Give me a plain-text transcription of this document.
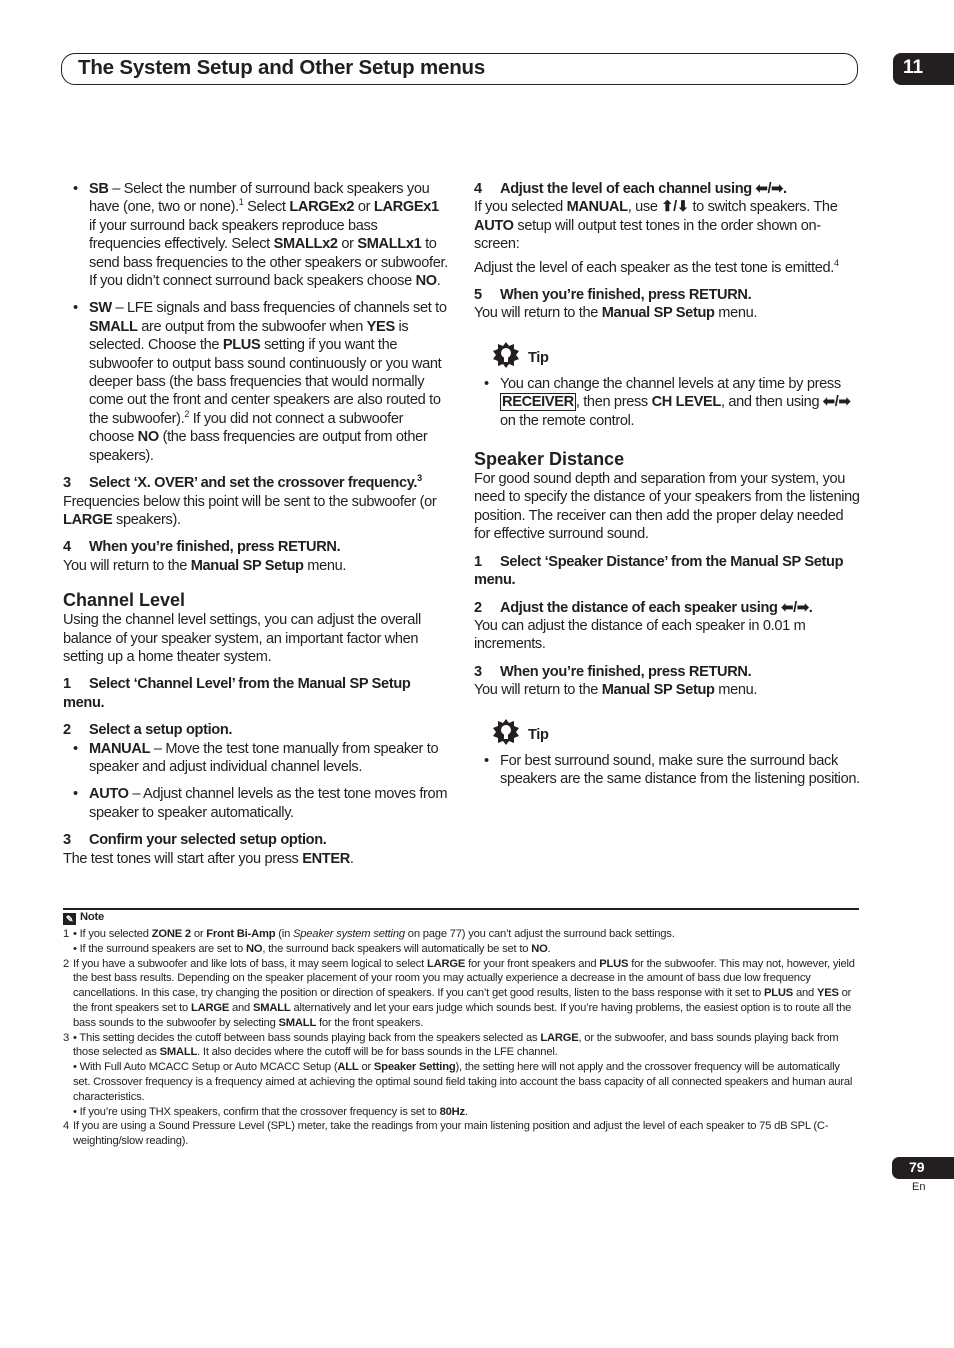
The System Setup and Other Setup menus	11
• SB – Select the number of surround back speakers you have (one, two or none).$^1$ Select LARGEx2 or LARGEx1 if your surround back speakers reproduce bass frequencies effectively. Select SMALLx2 or SMALLx1 to send bass frequencies to the other speakers or subwoofer. If you didn’t connect surround back speakers choose NO.
• SW – LFE signals and bass frequencies of channels set to SMALL are output from the subwoofer when YES is selected. Choose the PLUS setting if you want the subwoofer to output bass sound continuously or you want deeper bass (the bass frequencies that would normally come out the front and center speakers are also routed to the subwoofer).$^2$ If you did not connect a subwoofer choose NO (the bass frequencies are output from other speakers).
3 Select ‘X. OVER’ and set the crossover frequency.$^3$
Frequencies below this point will be sent to the subwoofer (or LARGE speakers).
4 When you’re finished, press RETURN.
You will return to the Manual SP Setup menu.
Channel Level
Using the channel level settings, you can adjust the overall balance of your speaker system, an important factor when setting up a home theater system.
1 Select ‘Channel Level’ from the Manual SP Setup menu.
2 Select a setup option.
• MANUAL – Move the test tone manually from speaker to speaker and adjust individual channel levels.
• AUTO – Adjust channel levels as the test tone moves from speaker to speaker automatically.
3 Confirm your selected setup option.
The test tones will start after you press ENTER.
4 Adjust the level of each channel using ⬅/➡.
If you selected MANUAL, use ⬆/⬇ to switch speakers. The AUTO setup will output test tones in the order shown on-screen:
Adjust the level of each speaker as the test tone is emitted.$^4$
5 When you’re finished, press RETURN.
You will return to the Manual SP Setup menu.
Tip
• You can change the channel levels at any time by press RECEIVER , then press CH LEVEL, and then using ⬅/➡ on the remote control.
Speaker Distance
For good sound depth and separation from your system, you need to specify the distance of your speakers from the listening position. The receiver can then add the proper delay needed for effective surround sound.
1 Select ‘Speaker Distance’ from the Manual SP Setup menu.
2 Adjust the distance of each speaker using ⬅/➡.
You can adjust the distance of each speaker in 0.01 m increments.
3 When you’re finished, press RETURN.
You will return to the Manual SP Setup menu.
Tip
• For best surround sound, make sure the surround back speakers are the same distance from the listening position.
✎ Note
1 • If you selected ZONE 2 or Front Bi-Amp (in Speaker system setting on page 77) you can’t adjust the surround back settings.
• If the surround speakers are set to NO, the surround back speakers will automatically be set to NO.
2 If you have a subwoofer and like lots of bass, it may seem logical to select LARGE for your front speakers and PLUS for the subwoofer. This may not, however, yield the best bass results. Depending on the speaker placement of your room you may actually experience a decrease in the amount of bass due low frequency cancellations. In this case, try changing the position or direction of speakers. If you can’t get good results, listen to the bass response with it set to PLUS and YES or the front speakers set to LARGE and SMALL alternatively and let your ears judge which sounds best. If you’re having problems, the easiest option is to route all the bass sounds to the subwoofer by selecting SMALL for the front speakers.
3 • This setting decides the cutoff between bass sounds playing back from the speakers selected as LARGE, or the subwoofer, and bass sounds playing back from those selected as SMALL. It also decides where the cutoff will be for bass sounds in the LFE channel.
• With Full Auto MCACC Setup or Auto MCACC Setup (ALL or Speaker Setting), the setting here will not apply and the crossover frequency will be automatically set. Crossover frequency is a frequency aimed at achieving the optimal sound field taking into account the bass capacity of all connected speakers and human aural characteristics.
• If you’re using THX speakers, confirm that the crossover frequency is set to 80Hz.
4 If you are using a Sound Pressure Level (SPL) meter, take the readings from your main listening position and adjust the level of each speaker to 75 dB SPL (C-weighting/slow reading).
79
En
